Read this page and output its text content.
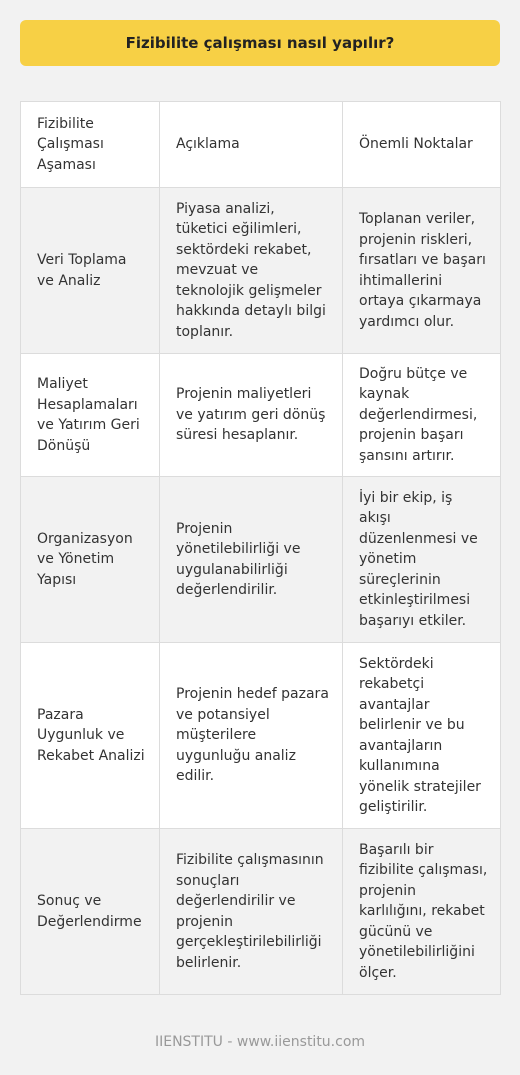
Fizibilite çalışması nasıl yapılır?
Fizibilite Çalışması Aşaması	Açıklama	Önemli Noktalar
Veri Toplama ve Analiz	Piyasa analizi, tüketici eğilimleri, sektördeki rekabet, mevzuat ve teknolojik gelişmeler hakkında detaylı bilgi toplanır.	Toplanan veriler, projenin riskleri, fırsatları ve başarı ihtimallerini ortaya çıkarmaya yardımcı olur.
Maliyet Hesaplamaları ve Yatırım Geri Dönüşü	Projenin maliyetleri ve yatırım geri dönüş süresi hesaplanır.	Doğru bütçe ve kaynak değerlendirmesi, projenin başarı şansını artırır.
Organizasyon ve Yönetim Yapısı	Projenin yönetilebilirliği ve uygulanabilirliği değerlendirilir.	İyi bir ekip, iş akışı düzenlenmesi ve yönetim süreçlerinin etkinleştirilmesi başarıyı etkiler.
Pazara Uygunluk ve Rekabet Analizi	Projenin hedef pazara ve potansiyel müşterilere uygunluğu analiz edilir.	Sektördeki rekabetçi avantajlar belirlenir ve bu avantajların kullanımına yönelik stratejiler geliştirilir.
Sonuç ve Değerlendirme	Fizibilite çalışmasının sonuçları değerlendirilir ve projenin gerçekleştirilebilirliği belirlenir.	Başarılı bir fizibilite çalışması, projenin karlılığını, rekabet gücünü ve yönetilebilirliğini ölçer.
IIENSTITU - www.iienstitu.com
